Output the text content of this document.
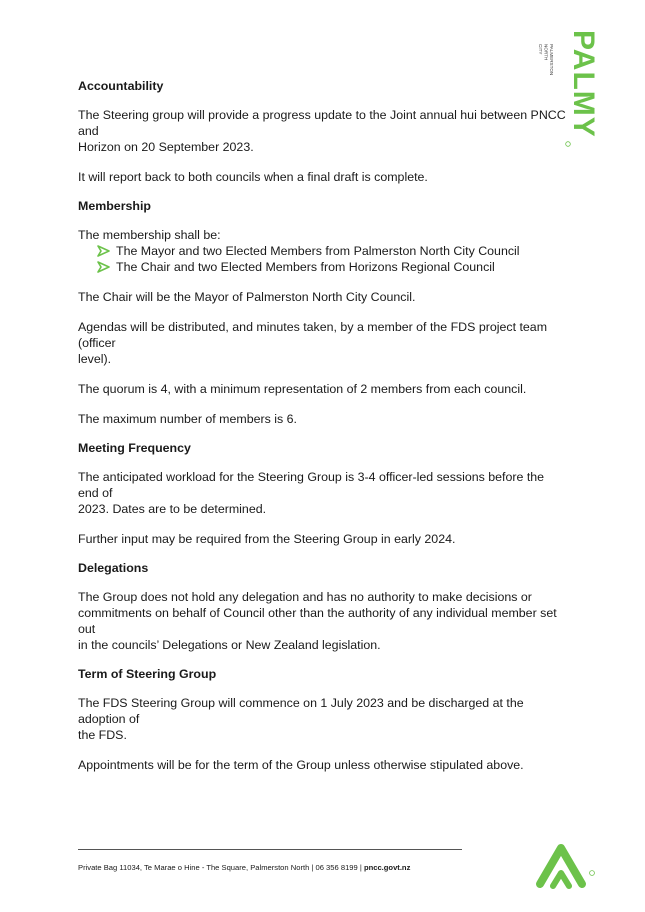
PALMY
PALMERSTON
NORTH
CITY
Accountability

The Steering group will provide a progress update to the Joint annual hui between PNCC and

Horizon on 20 September 2023.

It will report back to both councils when a final draft is complete.

Membership

The membership shall be:

The Mayor and two Elected Members from Palmerston North City Council
The Chair and two Elected Members from Horizons Regional Council

The Chair will be the Mayor of Palmerston North City Council.

Agendas will be distributed, and minutes taken, by a member of the FDS project team (officer

level).

The quorum is 4, with a minimum representation of 2 members from each council.

The maximum number of members is 6.

Meeting Frequency

The anticipated workload for the Steering Group is 3-4 officer-led sessions before the end of

2023. Dates are to be determined.

Further input may be required from the Steering Group in early 2024.

Delegations

The Group does not hold any delegation and has no authority to make decisions or

commitments on behalf of Council other than the authority of any individual member set out

in the councils’ Delegations or New Zealand legislation.

Term of Steering Group

The FDS Steering Group will commence on 1 July 2023 and be discharged at the adoption of

the FDS.

Appointments will be for the term of the Group unless otherwise stipulated above.

Private Bag 11034, Te Marae o Hine - The Square, Palmerston North | 06 356 8199 | pncc.govt.nz
